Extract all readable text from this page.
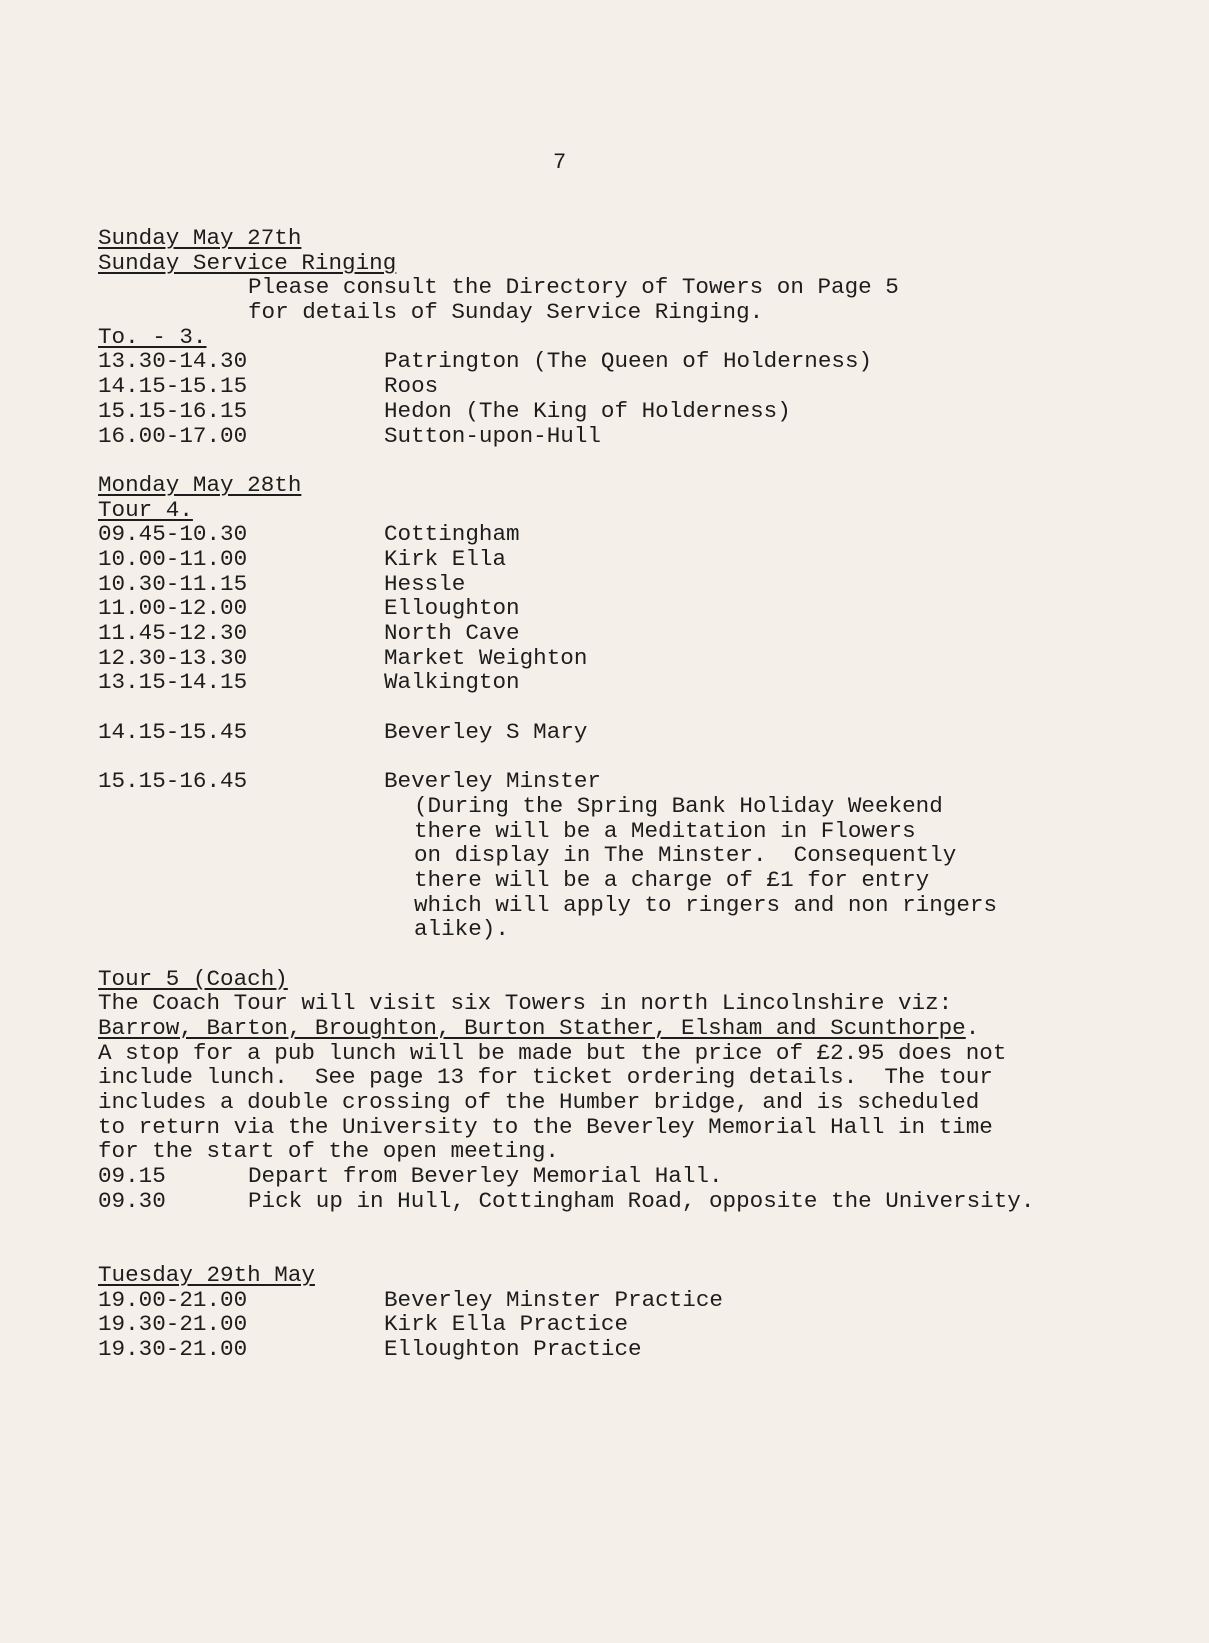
7
Sunday May 27th
Sunday Service Ringing
Please consult the Directory of Towers on Page 5
for details of Sunday Service Ringing.
To. - 3.
13.30-14.30	Patrington (The Queen of Holderness)
14.15-15.15	Roos
15.15-16.15	Hedon (The King of Holderness)
16.00-17.00	Sutton-upon-Hull
Monday May 28th
Tour 4.
09.45-10.30	Cottingham
10.00-11.00	Kirk Ella
10.30-11.15	Hessle
11.00-12.00	Elloughton
11.45-12.30	North Cave
12.30-13.30	Market Weighton
13.15-14.15	Walkington
14.15-15.45	Beverley S Mary
15.15-16.45	Beverley Minster
(During the Spring Bank Holiday Weekend
there will be a Meditation in Flowers
on display in The Minster.  Consequently
there will be a charge of £1 for entry
which will apply to ringers and non ringers
alike).
Tour 5 (Coach)
The Coach Tour will visit six Towers in north Lincolnshire viz:
Barrow, Barton, Broughton, Burton Stather, Elsham and Scunthorpe.
A stop for a pub lunch will be made but the price of £2.95 does not
include lunch.  See page 13 for ticket ordering details.  The tour
includes a double crossing of the Humber bridge, and is scheduled
to return via the University to the Beverley Memorial Hall in time
for the start of the open meeting.
09.15	Depart from Beverley Memorial Hall.
09.30	Pick up in Hull, Cottingham Road, opposite the University.
Tuesday 29th May
19.00-21.00	Beverley Minster Practice
19.30-21.00	Kirk Ella Practice
19.30-21.00	Elloughton Practice
